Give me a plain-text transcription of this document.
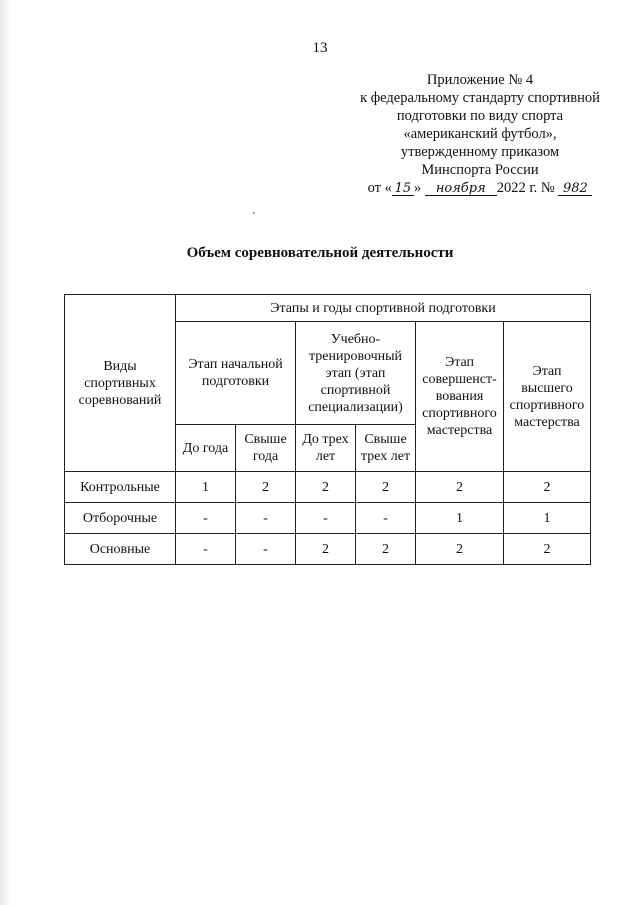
13
Приложение № 4
к федеральному стандарту спортивной
подготовки по виду спорта
«американский футбол»,
утвержденному приказом
Минспорта России
от « 15 » ноября 2022 г. № 982
'
Объем соревновательной деятельности
Виды спортивных соревнований	Этапы и годы спортивной подготовки					
	Этап начальной подготовки		Учебно-тренировочный этап (этап спортивной специализации)		Этап совершенст-вования спортивного мастерства	Этап высшего спортивного мастерства
	До года	Свыше года	До трех лет	Свыше трех лет		
Контрольные	1	2	2	2	2	2
Отборочные	-	-	-	-	1	1
Основные	-	-	2	2	2	2
